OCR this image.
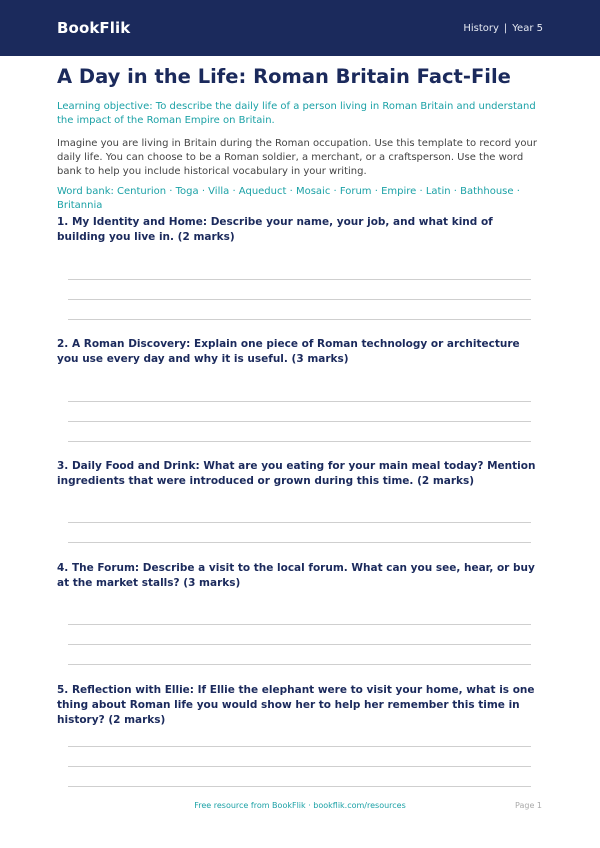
BookFlik	History | Year 5
A Day in the Life: Roman Britain Fact-File

Learning objective: To describe the daily life of a person living in Roman Britain and understand the impact of the Roman Empire on Britain.

Imagine you are living in Britain during the Roman occupation. Use this template to record your daily life. You can choose to be a Roman soldier, a merchant, or a craftsperson. Use the word bank to help you include historical vocabulary in your writing.

Word bank: Centurion · Toga · Villa · Aqueduct · Mosaic · Forum · Empire · Latin · Bathhouse · Britannia

1. My Identity and Home: Describe your name, your job, and what kind of building you live in. (2 marks)
2. A Roman Discovery: Explain one piece of Roman technology or architecture you use every day and why it is useful. (3 marks)
3. Daily Food and Drink: What are you eating for your main meal today? Mention ingredients that were introduced or grown during this time. (2 marks)
4. The Forum: Describe a visit to the local forum. What can you see, hear, or buy at the market stalls? (3 marks)
5. Reflection with Ellie: If Ellie the elephant were to visit your home, what is one thing about Roman life you would show her to help her remember this time in history? (2 marks)
Free resource from BookFlik · bookflik.com/resources	Page 1
